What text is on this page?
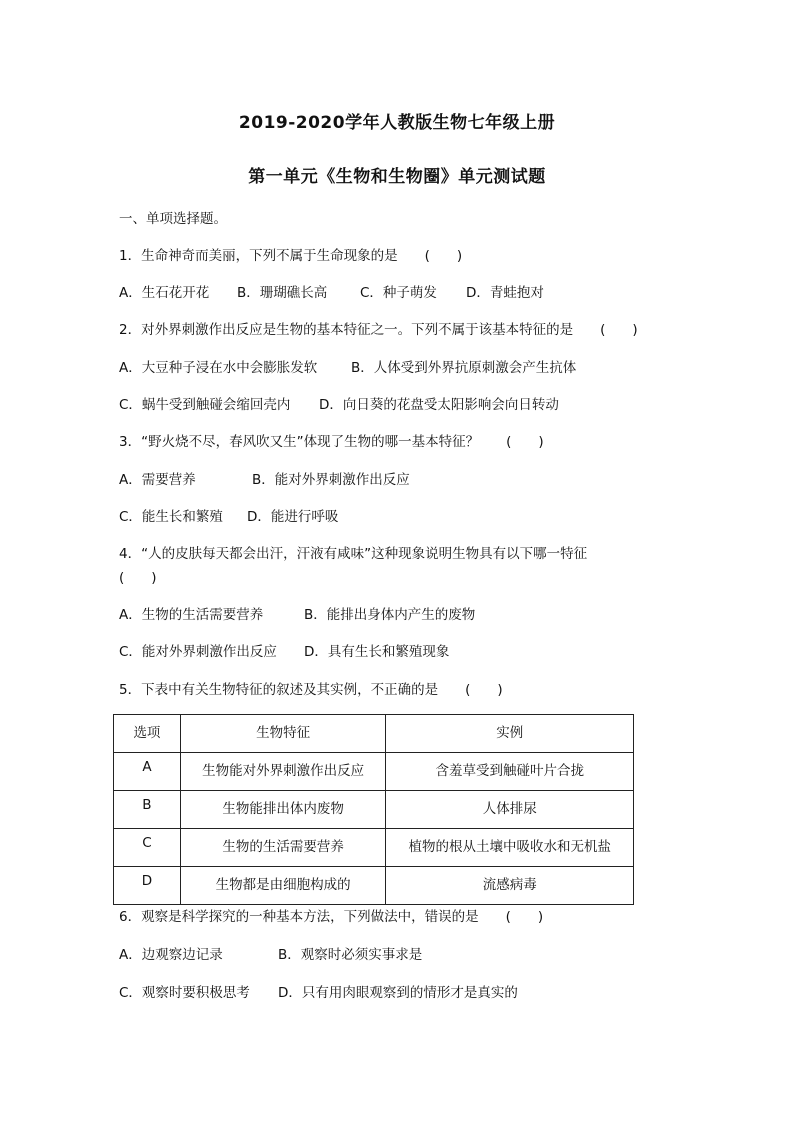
2019-2020学年人教版生物七年级上册
第一单元《生物和生物圈》单元测试题
一、单项选择题。
1．生命神奇而美丽，下列不属于生命现象的是　　(　　)
A．生石花开花 B．珊瑚礁长高 C．种子萌发 D．青蛙抱对
2．对外界刺激作出反应是生物的基本特征之一。下列不属于该基本特征的是　　(　　)
A．大豆种子浸在水中会膨胀发软	B．人体受到外界抗原刺激会产生抗体
C．蜗牛受到触碰会缩回壳内 D．向日葵的花盘受太阳影响会向日转动
3．“野火烧不尽，春风吹又生”体现了生物的哪一基本特征？　　(　　)
A．需要营养	B．能对外界刺激作出反应
C．能生长和繁殖 D．能进行呼吸
4．“人的皮肤每天都会出汗，汗液有咸味”这种现象说明生物具有以下哪一特征
(　　)
A．生物的生活需要营养	B．能排出身体内产生的废物
C．能对外界刺激作出反应 D．具有生长和繁殖现象
5．下表中有关生物特征的叙述及其实例，不正确的是　　(　　)
选项	生物特征	实例
A	生物能对外界刺激作出反应	含羞草受到触碰叶片合拢
B	生物能排出体内废物	人体排尿
C	生物的生活需要营养	植物的根从土壤中吸收水和无机盐
D	生物都是由细胞构成的	流感病毒
6．观察是科学探究的一种基本方法，下列做法中，错误的是　　(　　)
A．边观察边记录	B．观察时必须实事求是
C．观察时要积极思考 D．只有用肉眼观察到的情形才是真实的
